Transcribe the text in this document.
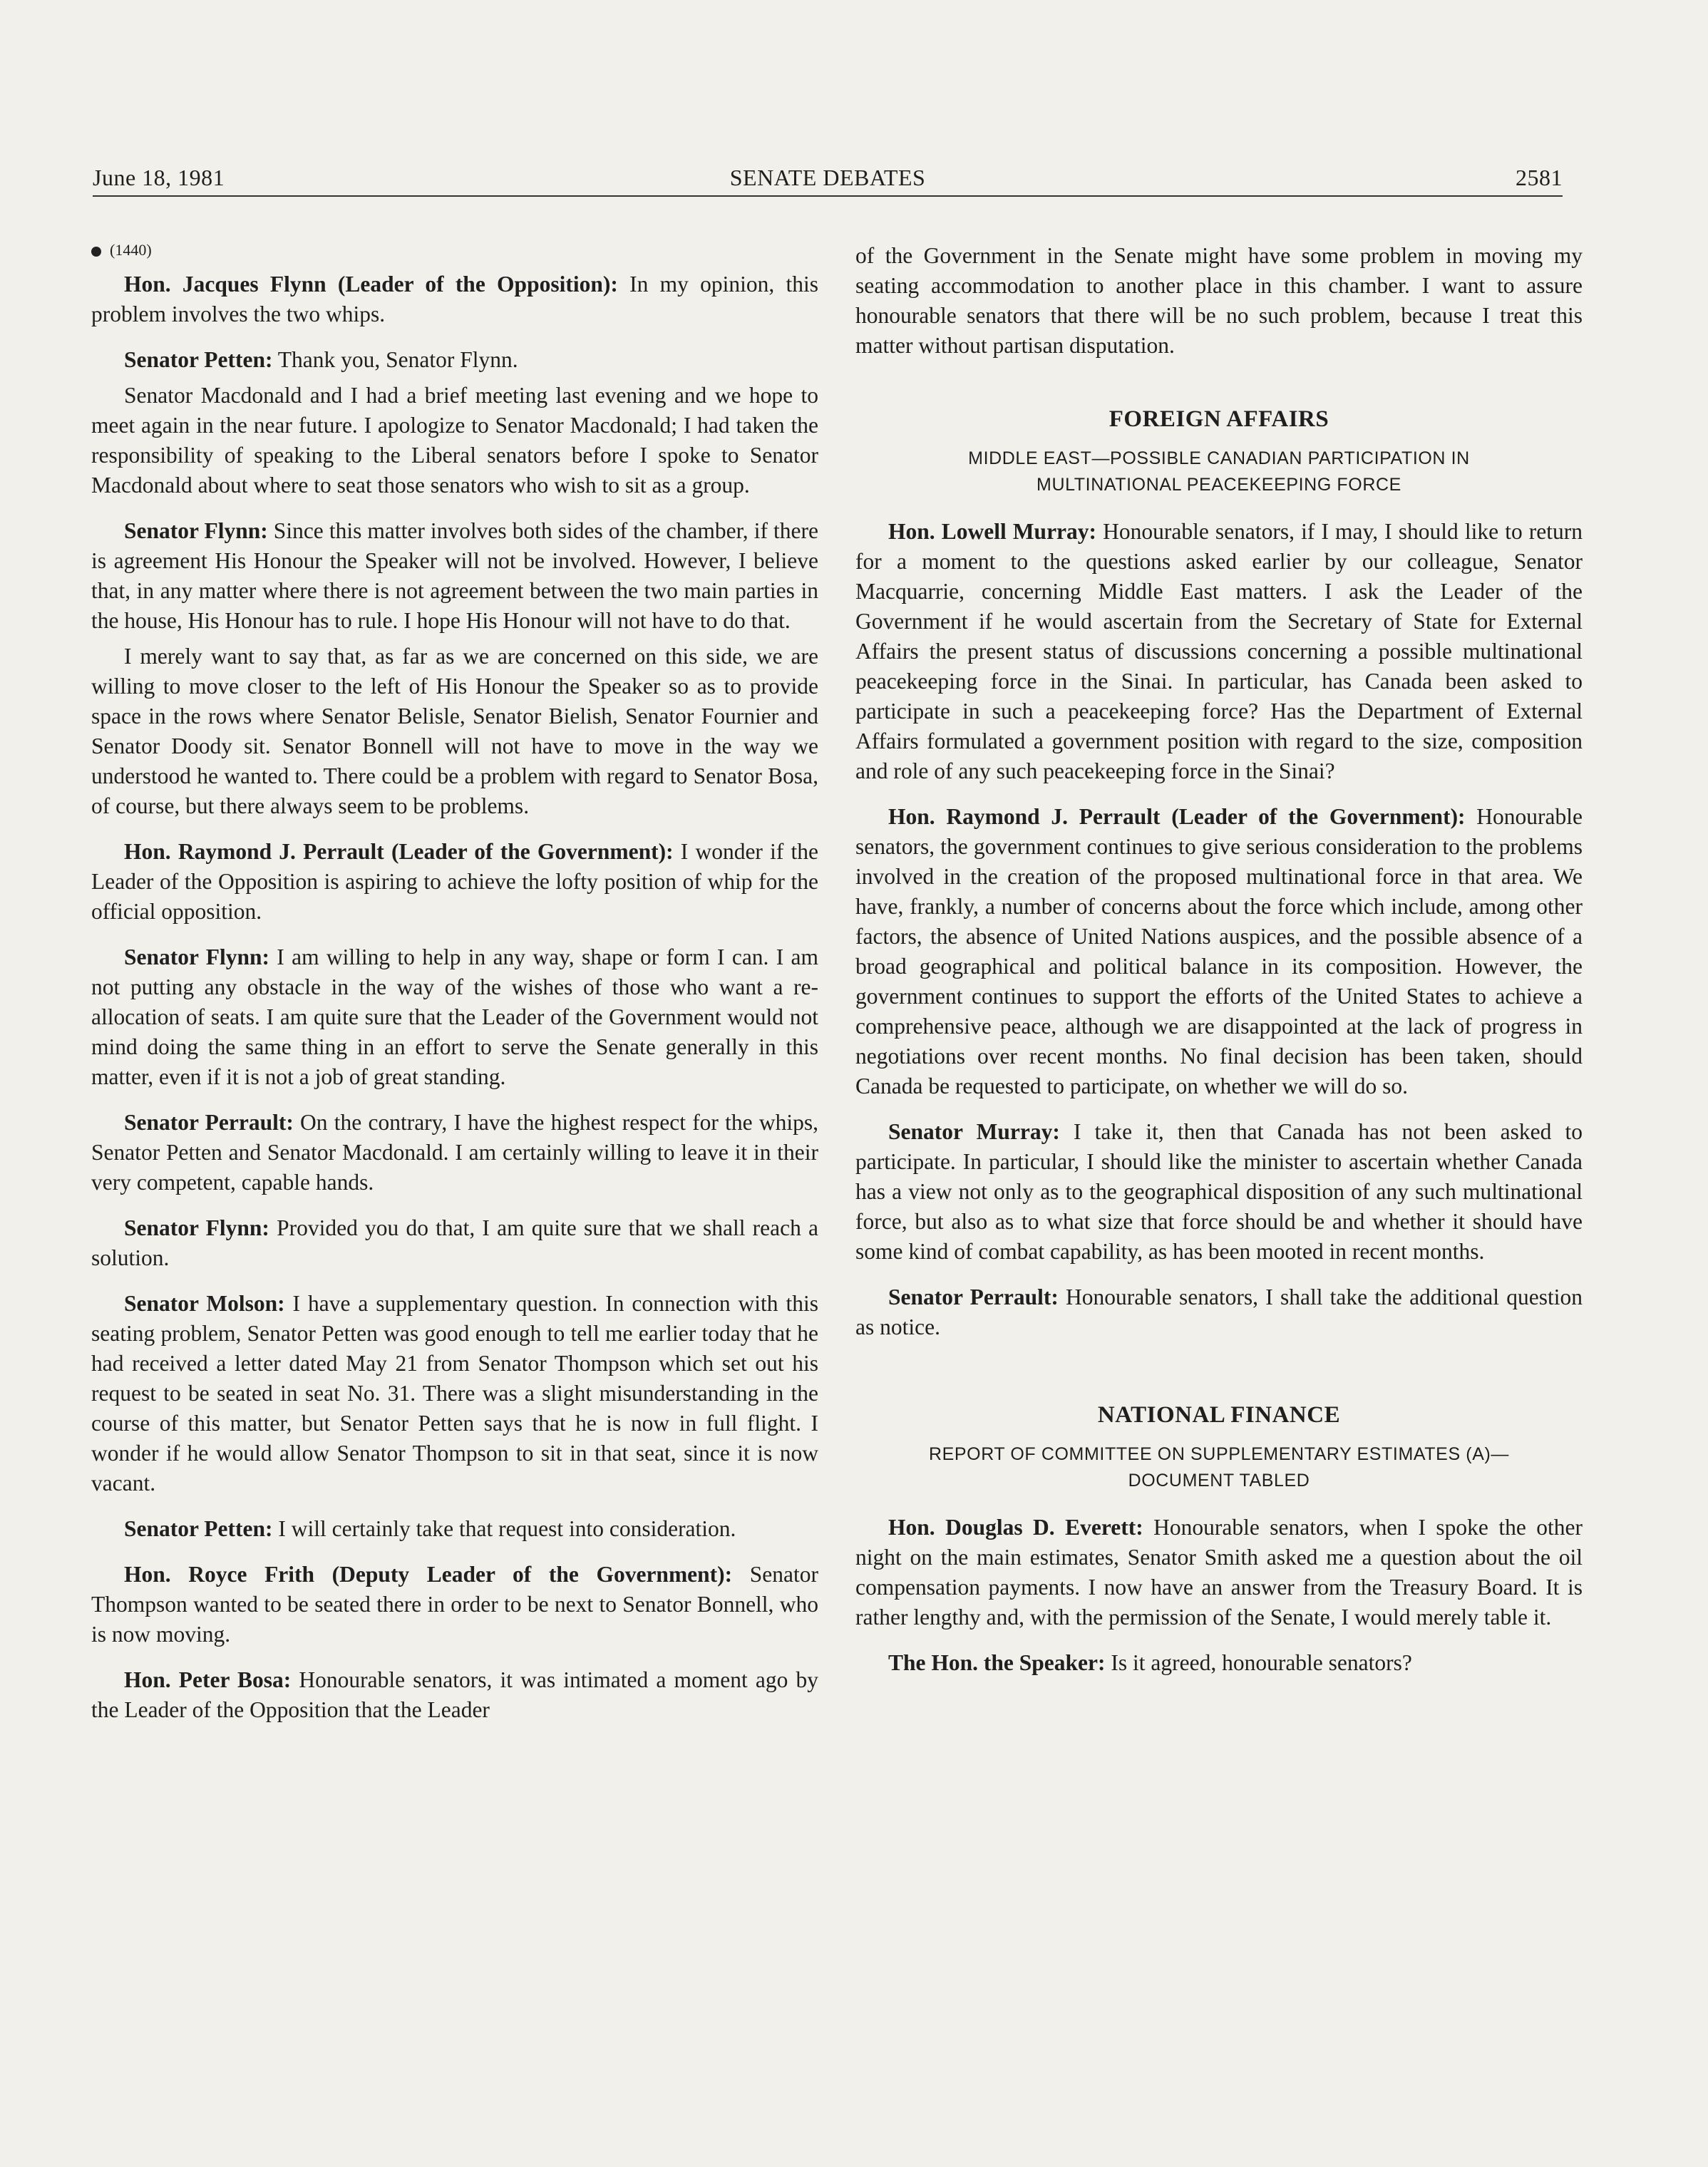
June 18, 1981	SENATE DEBATES	2581
(1440)

Hon. Jacques Flynn (Leader of the Opposition): In my opinion, this problem involves the two whips.

Senator Petten: Thank you, Senator Flynn.

Senator Macdonald and I had a brief meeting last evening and we hope to meet again in the near future. I apologize to Senator Macdonald; I had taken the responsibility of speaking to the Liberal senators before I spoke to Senator Macdonald about where to seat those senators who wish to sit as a group.

Senator Flynn: Since this matter involves both sides of the chamber, if there is agreement His Honour the Speaker will not be involved. However, I believe that, in any matter where there is not agreement between the two main parties in the house, His Honour has to rule. I hope His Honour will not have to do that.

I merely want to say that, as far as we are concerned on this side, we are willing to move closer to the left of His Honour the Speaker so as to provide space in the rows where Senator Belisle, Senator Bielish, Senator Fournier and Senator Doody sit. Senator Bonnell will not have to move in the way we understood he wanted to. There could be a problem with regard to Senator Bosa, of course, but there always seem to be problems.

Hon. Raymond J. Perrault (Leader of the Government): I wonder if the Leader of the Opposition is aspiring to achieve the lofty position of whip for the official opposition.

Senator Flynn: I am willing to help in any way, shape or form I can. I am not putting any obstacle in the way of the wishes of those who want a re-allocation of seats. I am quite sure that the Leader of the Government would not mind doing the same thing in an effort to serve the Senate generally in this matter, even if it is not a job of great standing.

Senator Perrault: On the contrary, I have the highest respect for the whips, Senator Petten and Senator Macdonald. I am certainly willing to leave it in their very competent, capable hands.

Senator Flynn: Provided you do that, I am quite sure that we shall reach a solution.

Senator Molson: I have a supplementary question. In connection with this seating problem, Senator Petten was good enough to tell me earlier today that he had received a letter dated May 21 from Senator Thompson which set out his request to be seated in seat No. 31. There was a slight misunderstanding in the course of this matter, but Senator Petten says that he is now in full flight. I wonder if he would allow Senator Thompson to sit in that seat, since it is now vacant.

Senator Petten: I will certainly take that request into consideration.

Hon. Royce Frith (Deputy Leader of the Government): Senator Thompson wanted to be seated there in order to be next to Senator Bonnell, who is now moving.

Hon. Peter Bosa: Honourable senators, it was intimated a moment ago by the Leader of the Opposition that the Leader

of the Government in the Senate might have some problem in moving my seating accommodation to another place in this chamber. I want to assure honourable senators that there will be no such problem, because I treat this matter without partisan disputation.

FOREIGN AFFAIRS
MIDDLE EAST—POSSIBLE CANADIAN PARTICIPATION IN
MULTINATIONAL PEACEKEEPING FORCE

Hon. Lowell Murray: Honourable senators, if I may, I should like to return for a moment to the questions asked earlier by our colleague, Senator Macquarrie, concerning Middle East matters. I ask the Leader of the Government if he would ascertain from the Secretary of State for External Affairs the present status of discussions concerning a possible multinational peacekeeping force in the Sinai. In particular, has Canada been asked to participate in such a peacekeeping force? Has the Department of External Affairs formulated a government position with regard to the size, composition and role of any such peacekeeping force in the Sinai?

Hon. Raymond J. Perrault (Leader of the Government): Honourable senators, the government continues to give serious consideration to the problems involved in the creation of the proposed multinational force in that area. We have, frankly, a number of concerns about the force which include, among other factors, the absence of United Nations auspices, and the possible absence of a broad geographical and political balance in its composition. However, the government continues to support the efforts of the United States to achieve a comprehensive peace, although we are disappointed at the lack of progress in negotiations over recent months. No final decision has been taken, should Canada be requested to participate, on whether we will do so.

Senator Murray: I take it, then that Canada has not been asked to participate. In particular, I should like the minister to ascertain whether Canada has a view not only as to the geographical disposition of any such multinational force, but also as to what size that force should be and whether it should have some kind of combat capability, as has been mooted in recent months.

Senator Perrault: Honourable senators, I shall take the additional question as notice.

NATIONAL FINANCE
REPORT OF COMMITTEE ON SUPPLEMENTARY ESTIMATES (A)—
DOCUMENT TABLED

Hon. Douglas D. Everett: Honourable senators, when I spoke the other night on the main estimates, Senator Smith asked me a question about the oil compensation payments. I now have an answer from the Treasury Board. It is rather lengthy and, with the permission of the Senate, I would merely table it.

The Hon. the Speaker: Is it agreed, honourable senators?
